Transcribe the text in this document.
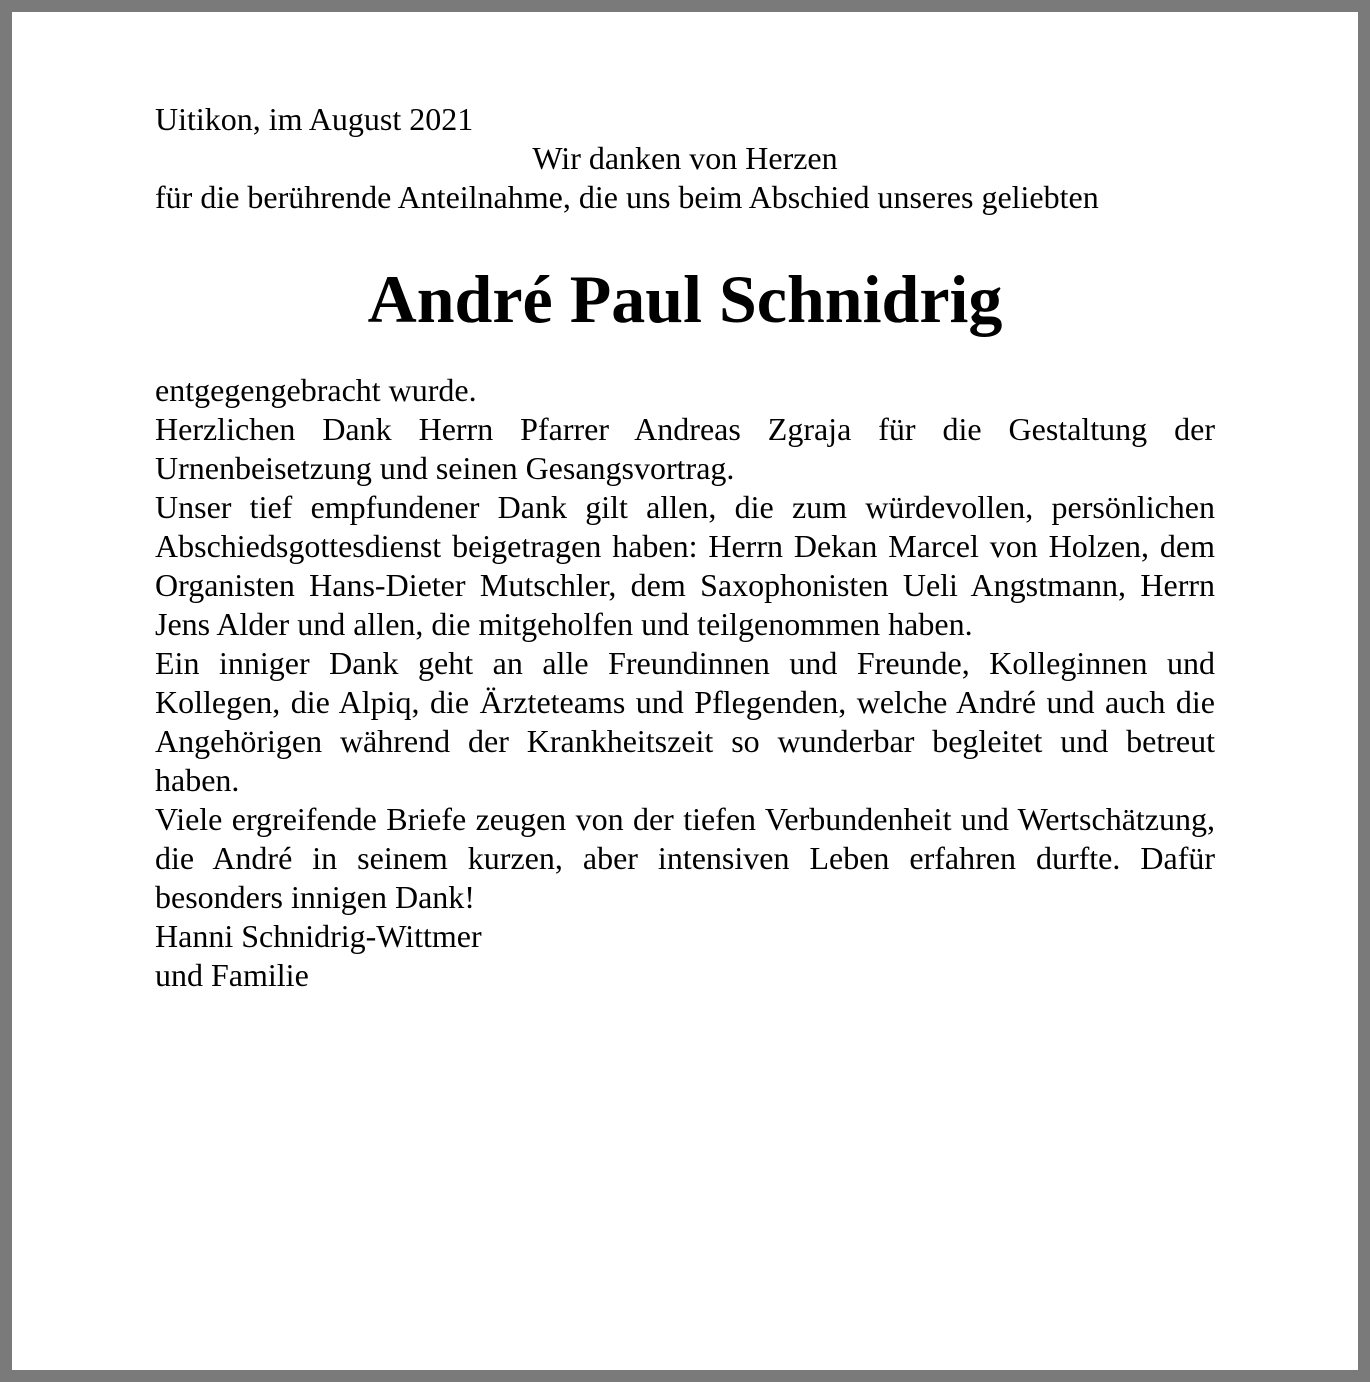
Uitikon, im August 2021

Wir danken von Herzen

für die berührende Anteilnahme, die uns beim Abschied unseres geliebten

André Paul Schnidrig

entgegengebracht wurde.

Herzlichen Dank Herrn Pfarrer Andreas Zgraja für die Gestaltung der Urnenbeisetzung und seinen Gesangsvortrag.

Unser tief empfundener Dank gilt allen, die zum würdevollen, persönlichen Abschiedsgottesdienst beigetragen haben: Herrn Dekan Marcel von Holzen, dem Organisten Hans-Dieter Mutschler, dem Saxophonisten Ueli Angstmann, Herrn Jens Alder und allen, die mitgeholfen und teilgenommen haben.

Ein inniger Dank geht an alle Freundinnen und Freunde, Kolleginnen und Kollegen, die Alpiq, die Ärzteteams und Pflegenden, welche André und auch die Angehörigen während der Krankheitszeit so wunderbar begleitet und betreut haben.

Viele ergreifende Briefe zeugen von der tiefen Verbundenheit und Wertschätzung, die André in seinem kurzen, aber intensiven Leben erfahren durfte. Dafür besonders innigen Dank!

Hanni Schnidrig-Wittmer

und Familie
